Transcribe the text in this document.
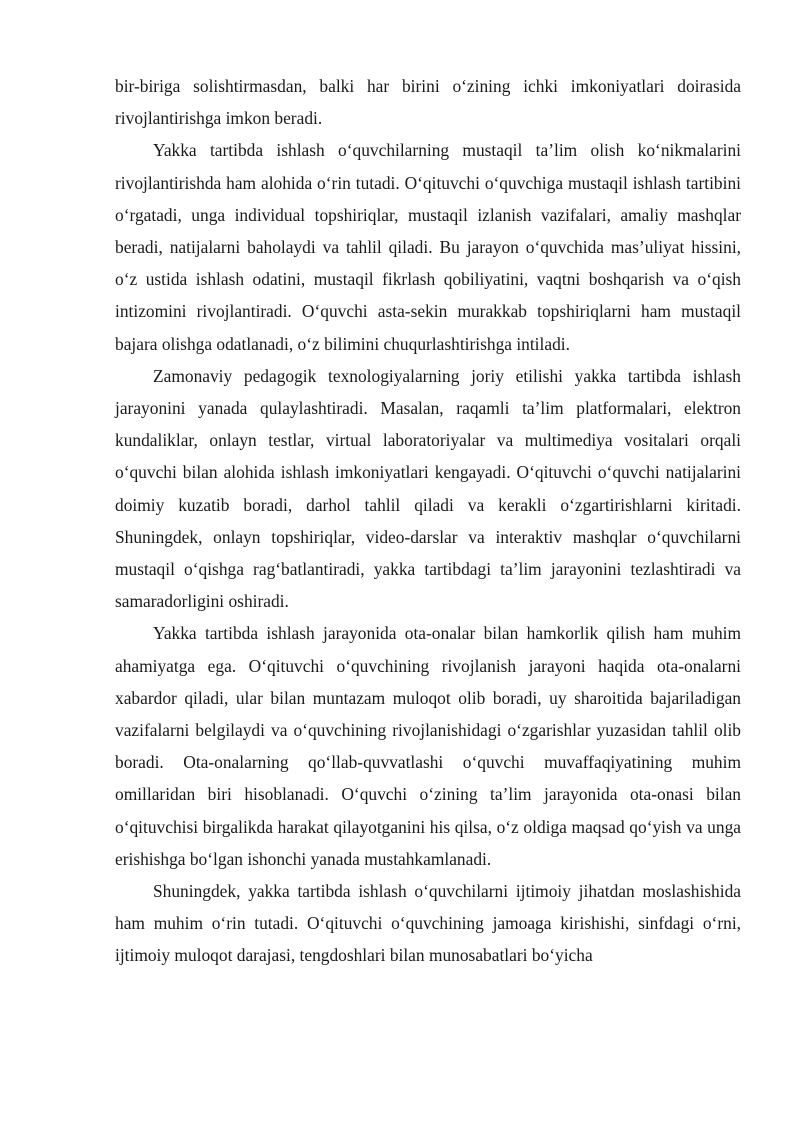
bir-biriga solishtirmasdan, balki har birini o‘zining ichki imkoniyatlari doirasida rivojlantirishga imkon beradi.

Yakka tartibda ishlash o‘quvchilarning mustaqil ta’lim olish ko‘nikmalarini rivojlantirishda ham alohida o‘rin tutadi. O‘qituvchi o‘quvchiga mustaqil ishlash tartibini o‘rgatadi, unga individual topshiriqlar, mustaqil izlanish vazifalari, amaliy mashqlar beradi, natijalarni baholaydi va tahlil qiladi. Bu jarayon o‘quvchida mas’uliyat hissini, o‘z ustida ishlash odatini, mustaqil fikrlash qobiliyatini, vaqtni boshqarish va o‘qish intizomini rivojlantiradi. O‘quvchi asta-sekin murakkab topshiriqlarni ham mustaqil bajara olishga odatlanadi, o‘z bilimini chuqurlashtirishga intiladi.

Zamonaviy pedagogik texnologiyalarning joriy etilishi yakka tartibda ishlash jarayonini yanada qulaylashtiradi. Masalan, raqamli ta’lim platformalari, elektron kundaliklar, onlayn testlar, virtual laboratoriyalar va multimediya vositalari orqali o‘quvchi bilan alohida ishlash imkoniyatlari kengayadi. O‘qituvchi o‘quvchi natijalarini doimiy kuzatib boradi, darhol tahlil qiladi va kerakli o‘zgartirishlarni kiritadi. Shuningdek, onlayn topshiriqlar, video-darslar va interaktiv mashqlar o‘quvchilarni mustaqil o‘qishga rag‘batlantiradi, yakka tartibdagi ta’lim jarayonini tezlashtiradi va samaradorligini oshiradi.

Yakka tartibda ishlash jarayonida ota-onalar bilan hamkorlik qilish ham muhim ahamiyatga ega. O‘qituvchi o‘quvchining rivojlanish jarayoni haqida ota-onalarni xabardor qiladi, ular bilan muntazam muloqot olib boradi, uy sharoitida bajariladigan vazifalarni belgilaydi va o‘quvchining rivojlanishidagi o‘zgarishlar yuzasidan tahlil olib boradi. Ota-onalarning qo‘llab-quvvatlashi o‘quvchi muvaffaqiyatining muhim omillaridan biri hisoblanadi. O‘quvchi o‘zining ta’lim jarayonida ota-onasi bilan o‘qituvchisi birgalikda harakat qilayotganini his qilsa, o‘z oldiga maqsad qo‘yish va unga erishishga bo‘lgan ishonchi yanada mustahkamlanadi.

Shuningdek, yakka tartibda ishlash o‘quvchilarni ijtimoiy jihatdan moslashishida ham muhim o‘rin tutadi. O‘qituvchi o‘quvchining jamoaga kirishishi, sinfdagi o‘rni, ijtimoiy muloqot darajasi, tengdoshlari bilan munosabatlari bo‘yicha
